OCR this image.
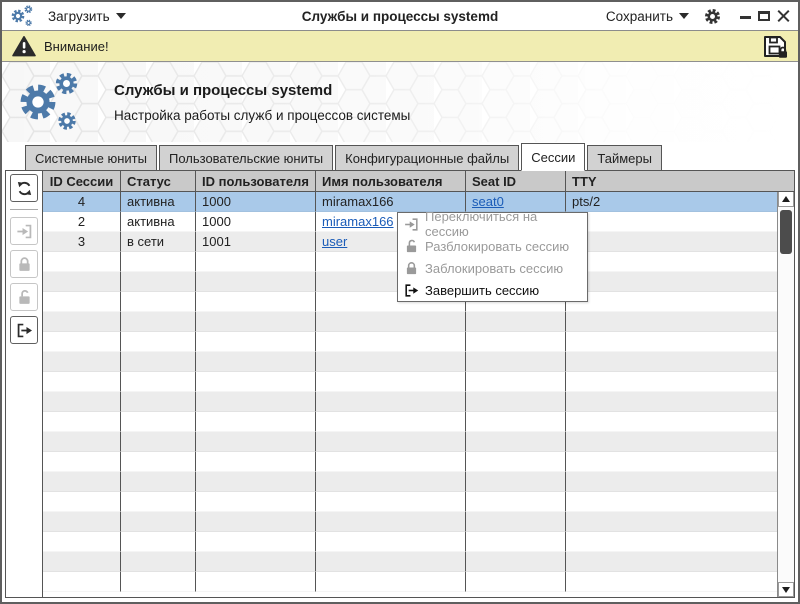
Загрузить	Службы и процессы systemd	Сохранить
Внимание!
Службы и процессы systemd
Настройка работы служб и процессов системы
Системные юниты	Пользовательские юниты	Конфигурационные файлы	Сессии	Таймеры
ID Сессии	Статус	ID пользователя	Имя пользователя	Seat ID	TTY
4	активна	1000	miramax166	seat0	pts/2
2	активна	1000	miramax166
3	в сети	1001	user
Переключиться на сессию
Разблокировать сессию
Заблокировать сессию
Завершить сессию
